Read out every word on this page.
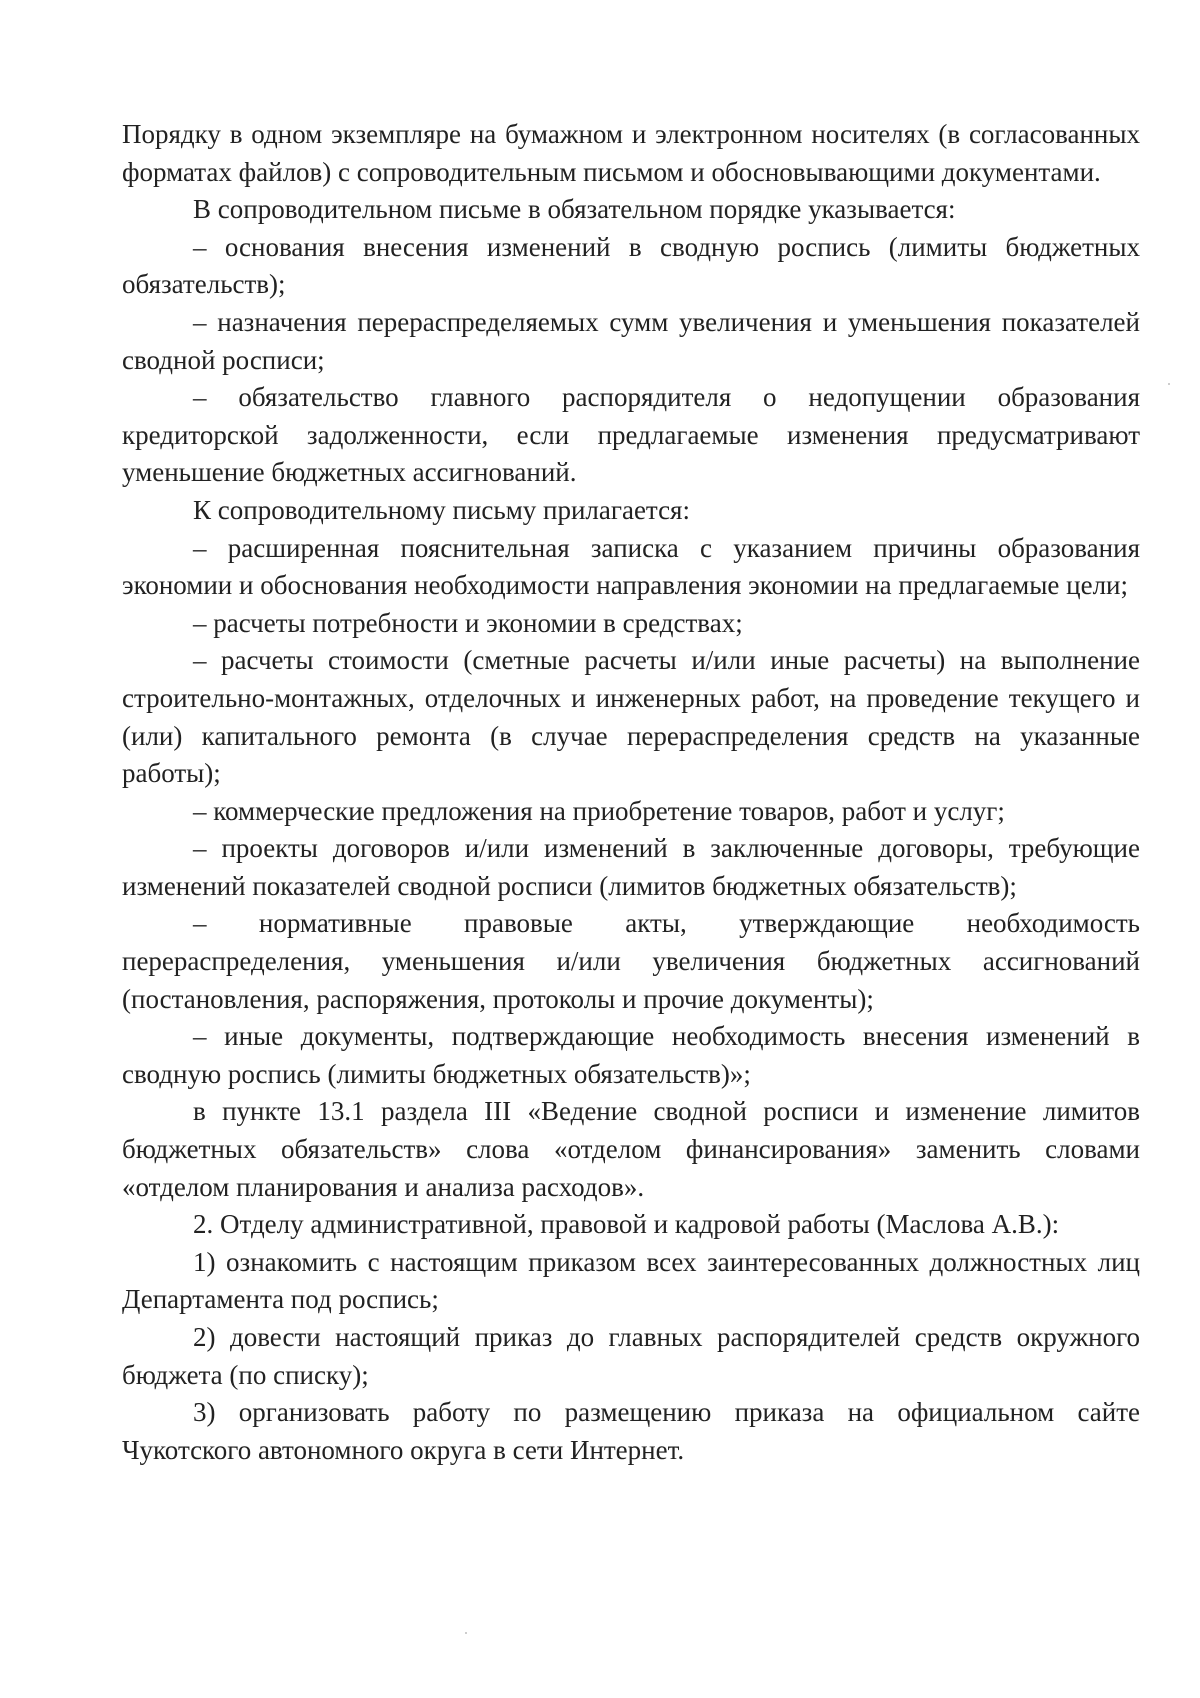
Порядку в одном экземпляре на бумажном и электронном носителях (в согласованных форматах файлов) с сопроводительным письмом и обосновывающими документами.

В сопроводительном письме в обязательном порядке указывается:

– основания внесения изменений в сводную роспись (лимиты бюджетных обязательств);

– назначения перераспределяемых сумм увеличения и уменьшения показателей сводной росписи;

– обязательство главного распорядителя о недопущении образования кредиторской задолженности, если предлагаемые изменения предусматривают уменьшение бюджетных ассигнований.

К сопроводительному письму прилагается:

– расширенная пояснительная записка с указанием причины образования экономии и обоснования необходимости направления экономии на предлагаемые цели;

– расчеты потребности и экономии в средствах;

– расчеты стоимости (сметные расчеты и/или иные расчеты) на выполнение строительно-монтажных, отделочных и инженерных работ, на проведение текущего и (или) капитального ремонта (в случае перераспределения средств на указанные работы);

– коммерческие предложения на приобретение товаров, работ и услуг;

– проекты договоров и/или изменений в заключенные договоры, требующие изменений показателей сводной росписи (лимитов бюджетных обязательств);

– нормативные правовые акты, утверждающие необходимость перераспределения, уменьшения и/или увеличения бюджетных ассигнований (постановления, распоряжения, протоколы и прочие документы);

– иные документы, подтверждающие необходимость внесения изменений в сводную роспись (лимиты бюджетных обязательств)»;

в пункте 13.1 раздела III «Ведение сводной росписи и изменение лимитов бюджетных обязательств» слова «отделом финансирования» заменить словами «отделом планирования и анализа расходов».

2. Отделу административной, правовой и кадровой работы (Маслова А.В.):

1) ознакомить с настоящим приказом всех заинтересованных должностных лиц Департамента под роспись;

2) довести настоящий приказ до главных распорядителей средств окружного бюджета (по списку);

3) организовать работу по размещению приказа на официальном сайте Чукотского автономного округа в сети Интернет.
